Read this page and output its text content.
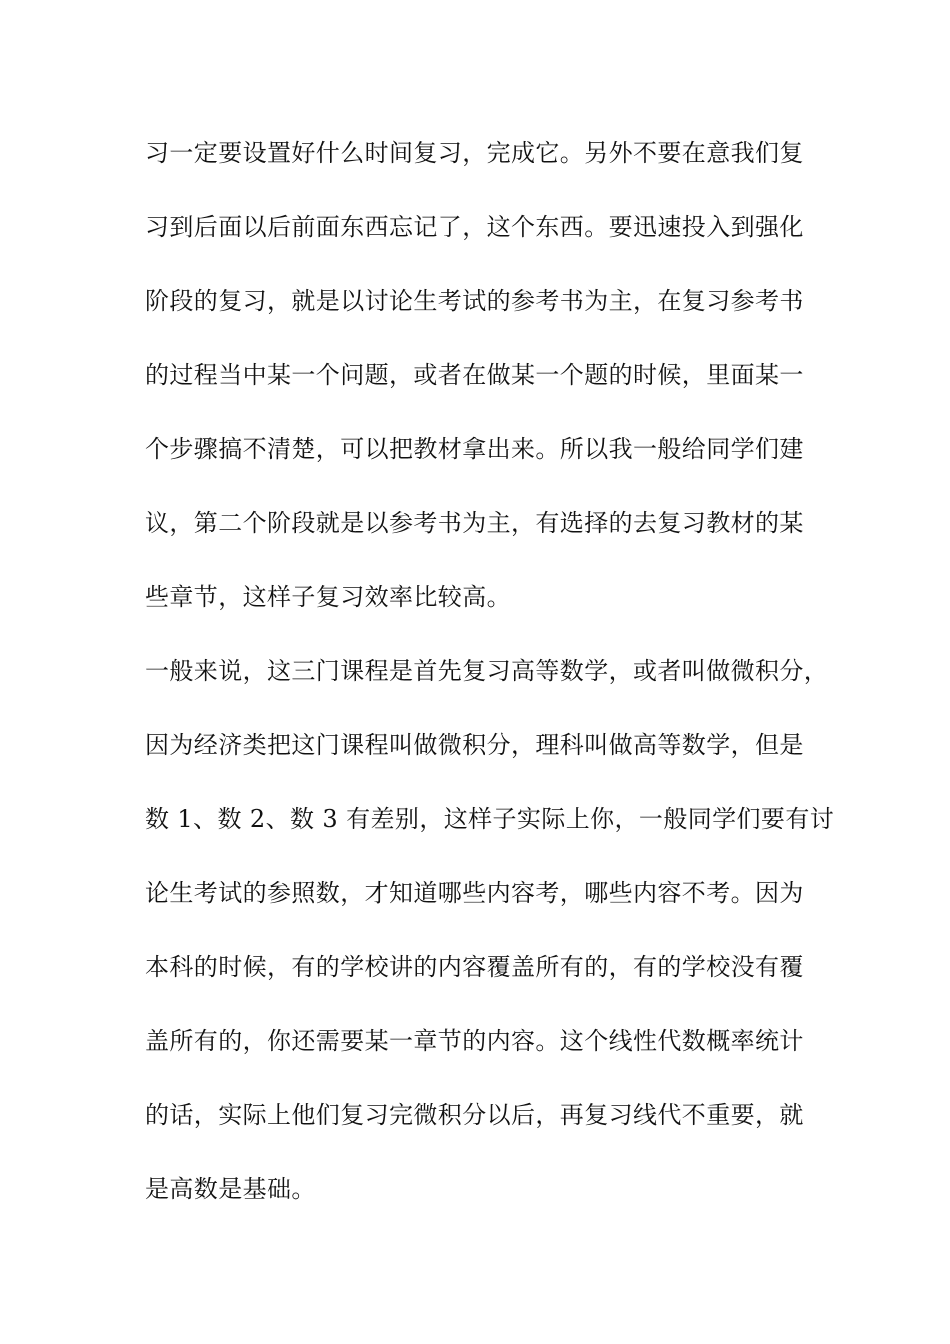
习一定要设置好什么时间复习，完成它。另外不要在意我们复
习到后面以后前面东西忘记了，这个东西。要迅速投入到强化
阶段的复习，就是以讨论生考试的参考书为主，在复习参考书
的过程当中某一个问题，或者在做某一个题的时候，里面某一
个步骤搞不清楚，可以把教材拿出来。所以我一般给同学们建
议，第二个阶段就是以参考书为主，有选择的去复习教材的某
些章节，这样子复习效率比较高。
一般来说，这三门课程是首先复习高等数学，或者叫做微积分，
因为经济类把这门课程叫做微积分，理科叫做高等数学，但是
数 1、数 2、数 3 有差别，这样子实际上你，一般同学们要有讨
论生考试的参照数，才知道哪些内容考，哪些内容不考。因为
本科的时候，有的学校讲的内容覆盖所有的，有的学校没有覆
盖所有的，你还需要某一章节的内容。这个线性代数概率统计
的话，实际上他们复习完微积分以后，再复习线代不重要，就
是高数是基础。
